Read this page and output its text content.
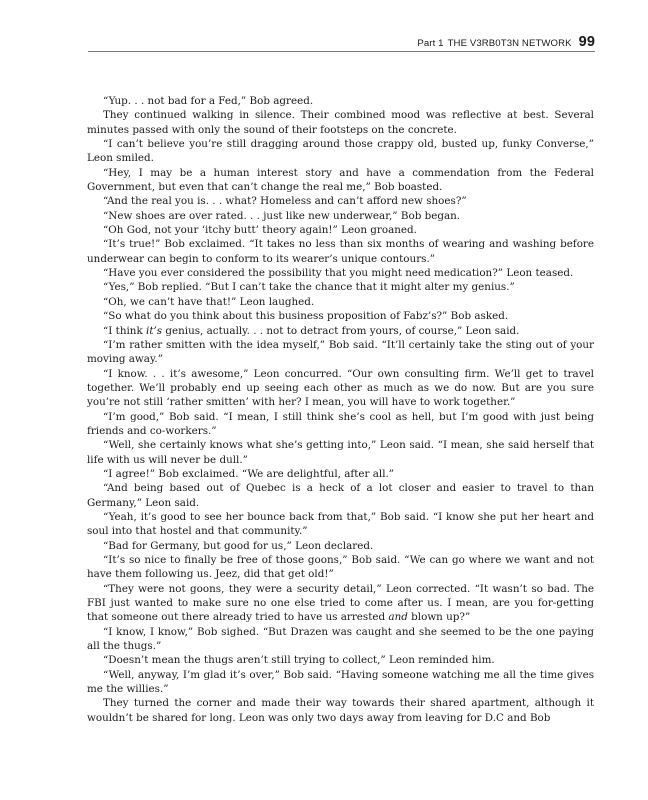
Part 1 THE V3RB0T3N NETWORK 99

“Yup. . . not bad for a Fed,” Bob agreed.

They continued walking in silence. Their combined mood was reflective at best. Several minutes passed with only the sound of their footsteps on the concrete.

“I can’t believe you’re still dragging around those crappy old, busted up, funky Converse,” Leon smiled.

“Hey, I may be a human interest story and have a commendation from the Federal Government, but even that can’t change the real me,” Bob boasted.

“And the real you is. . . what? Homeless and can’t afford new shoes?”

“New shoes are over rated. . . just like new underwear,” Bob began.

“Oh God, not your ‘itchy butt’ theory again!” Leon groaned.

“It’s true!” Bob exclaimed. “It takes no less than six months of wearing and washing before underwear can begin to conform to its wearer’s unique contours.”

“Have you ever considered the possibility that you might need medication?” Leon teased.

“Yes,” Bob replied. “But I can’t take the chance that it might alter my genius.”

“Oh, we can’t have that!” Leon laughed.

“So what do you think about this business proposition of Fabz’s?” Bob asked.

“I think it’s genius, actually. . . not to detract from yours, of course,” Leon said.

“I’m rather smitten with the idea myself,” Bob said. “It’ll certainly take the sting out of your moving away.”

“I know. . . it’s awesome,” Leon concurred. “Our own consulting firm. We’ll get to travel together. We’ll probably end up seeing each other as much as we do now. But are you sure you’re not still ‘rather smitten’ with her? I mean, you will have to work together.”

“I’m good,” Bob said. “I mean, I still think she’s cool as hell, but I’m good with just being friends and co-workers.”

“Well, she certainly knows what she’s getting into,” Leon said. “I mean, she said herself that life with us will never be dull.”

“I agree!” Bob exclaimed. “We are delightful, after all.”

“And being based out of Quebec is a heck of a lot closer and easier to travel to than Germany,” Leon said.

“Yeah, it’s good to see her bounce back from that,” Bob said. “I know she put her heart and soul into that hostel and that community.”

“Bad for Germany, but good for us,” Leon declared.

“It’s so nice to finally be free of those goons,” Bob said. “We can go where we want and not have them following us. Jeez, did that get old!”

“They were not goons, they were a security detail,” Leon corrected. “It wasn’t so bad. The FBI just wanted to make sure no one else tried to come after us. I mean, are you for-getting that someone out there already tried to have us arrested and blown up?”

“I know, I know,” Bob sighed. “But Drazen was caught and she seemed to be the one paying all the thugs.”

“Doesn’t mean the thugs aren’t still trying to collect,” Leon reminded him.

“Well, anyway, I’m glad it’s over,” Bob said. “Having someone watching me all the time gives me the willies.”

They turned the corner and made their way towards their shared apartment, although it wouldn’t be shared for long. Leon was only two days away from leaving for D.C and Bob
